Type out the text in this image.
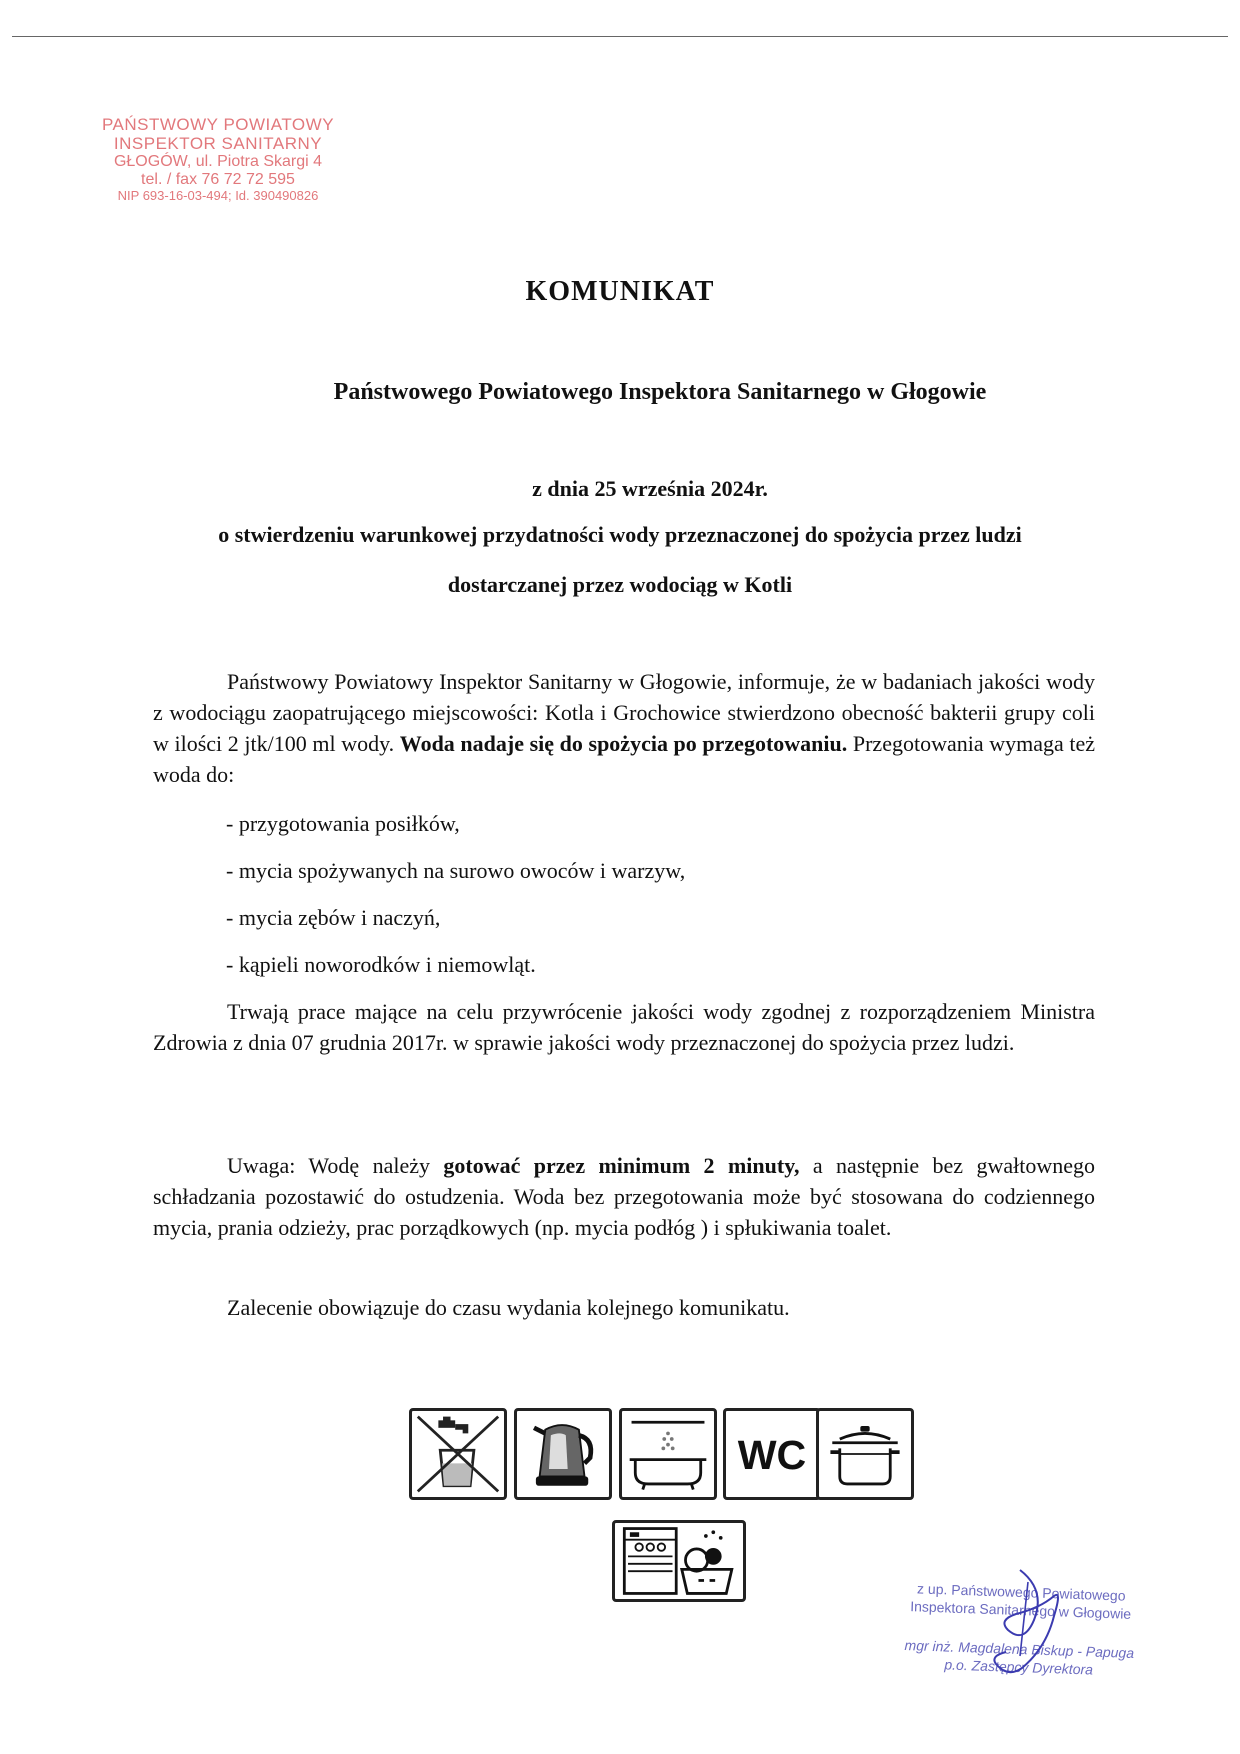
PAŃSTWOWY POWIATOWY
INSPEKTOR SANITARNY
GŁOGÓW, ul. Piotra Skargi 4
tel. / fax 76 72 72 595
NIP 693-16-03-494; Id. 390490826
KOMUNIKAT
Państwowego Powiatowego Inspektora Sanitarnego w Głogowie
z dnia 25 września 2024r.
o stwierdzeniu warunkowej przydatności wody przeznaczonej do spożycia przez ludzi
dostarczanej przez wodociąg w Kotli

Państwowy Powiatowy Inspektor Sanitarny w Głogowie, informuje, że w badaniach jakości wody z wodociągu zaopatrującego miejscowości: Kotla i Grochowice stwierdzono obecność bakterii grupy coli w ilości 2 jtk/100 ml wody. Woda nadaje się do spożycia po przegotowaniu. Przegotowania wymaga też woda do:

- przygotowania posiłków,
- mycia spożywanych na surowo owoców i warzyw,
- mycia zębów i naczyń,
- kąpieli noworodków i niemowląt.

Trwają prace mające na celu przywrócenie jakości wody zgodnej z rozporządzeniem Ministra Zdrowia z dnia 07 grudnia 2017r. w sprawie jakości wody przeznaczonej do spożycia przez ludzi.

Uwaga: Wodę należy gotować przez minimum 2 minuty, a następnie bez gwałtownego schładzania pozostawić do ostudzenia. Woda bez przegotowania może być stosowana do codziennego mycia, prania odzieży, prac porządkowych (np. mycia podłóg ) i spłukiwania toalet.

Zalecenie obowiązuje do czasu wydania kolejnego komunikatu.

WC
z up. Państwowego Powiatowego
Inspektora Sanitarnego w Głogowie
mgr inż. Magdalena Biskup - Papuga
p.o. Zastępcy Dyrektora
